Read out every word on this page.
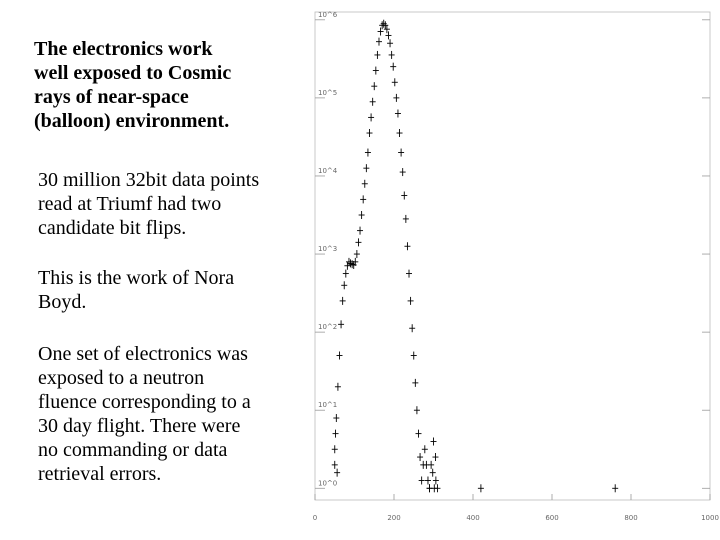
The electronics work
well exposed to Cosmic
rays of near-space
(balloon) environment.

30 million 32bit data points
read at Triumf had two
candidate bit flips.

This is the work of Nora
Boyd.

One set of electronics was
exposed to a neutron
fluence corresponding to a
30 day flight. There were
no commanding or data
retrieval errors.	10^0
10^1
10^2
10^3
10^4
10^5
10^6
0	200	400	600	800	1000
